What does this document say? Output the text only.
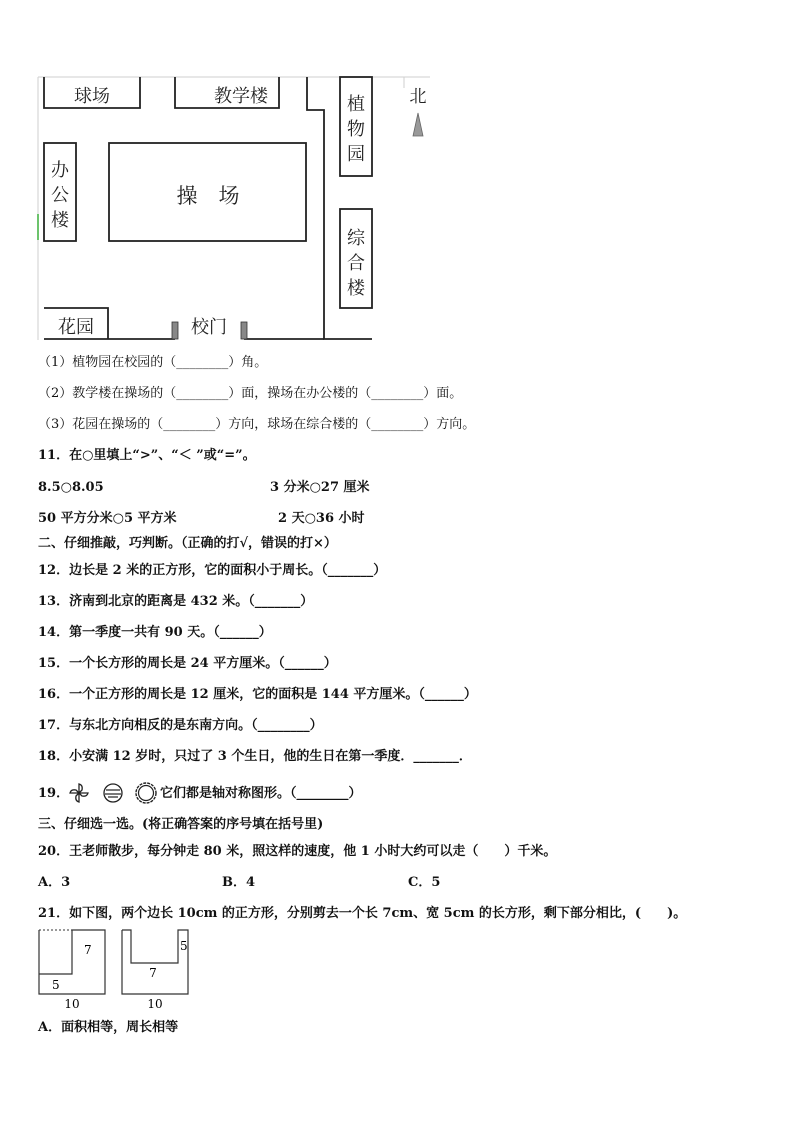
球场	教学楼	北
植
物
园
办
公
楼
操　场
综
合
楼
花园	校门
（1）植物园在校园的（________）角。
（2）教学楼在操场的（________）面，操场在办公楼的（________）面。
（3）花园在操场的（________）方向，球场在综合楼的（________）方向。
11．在○里填上“>”、“＜ ”或“=”。
8.5○8.05	3 分米○27 厘米
50 平方分米○5 平方米	2 天○36 小时
二、仔细推敲，巧判断。（正确的打√，错误的打×）
12．边长是 2 米的正方形，它的面积小于周长。（_______）
13．济南到北京的距离是 432 米。（_______）
14．第一季度一共有 90 天。（______）
15．一个长方形的周长是 24 平方厘米。（______）
16．一个正方形的周长是 12 厘米，它的面积是 144 平方厘米。（______）
17．与东北方向相反的是东南方向。（________）
18．小安满 12 岁时，只过了 3 个生日，他的生日在第一季度．_______．
19．	它们都是轴对称图形。（________）
三、仔细选一选。(将正确答案的序号填在括号里)
20．王老师散步，每分钟走 80 米，照这样的速度，他 1 小时大约可以走（　　）千米。
A．3	B．4	C．5
21．如下图，两个边长 10cm 的正方形，分别剪去一个长 7cm、宽 5cm 的长方形，剩下部分相比，(　　)。
7
5
10
5
7
10
A．面积相等，周长相等
